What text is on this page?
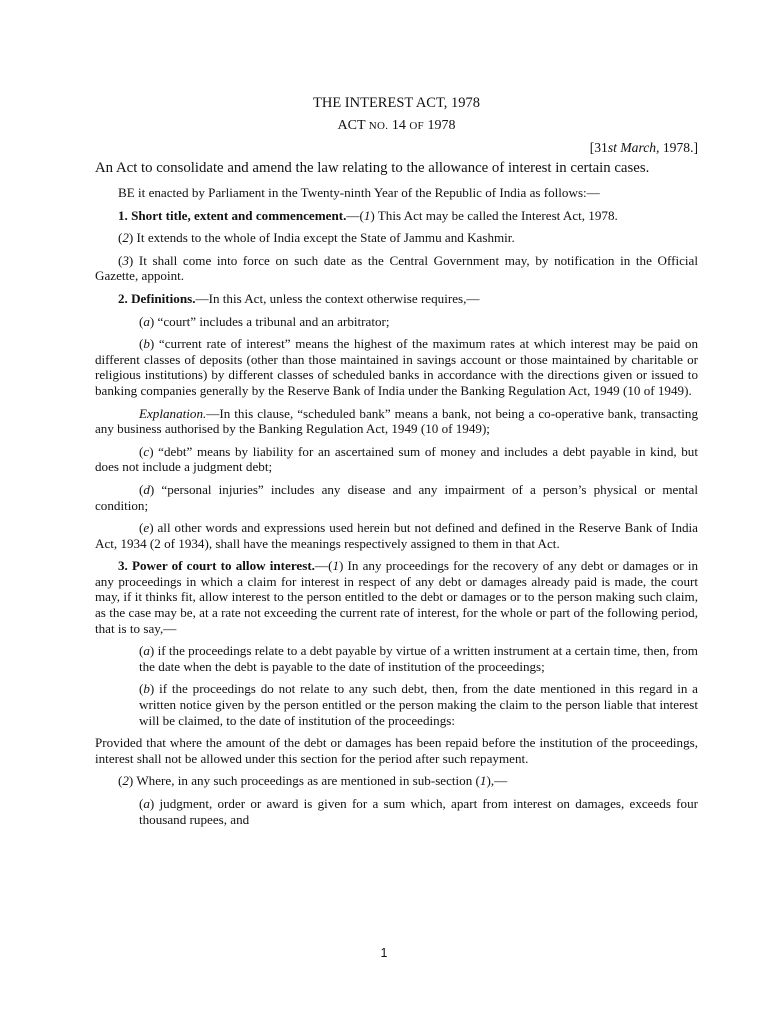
THE INTEREST ACT, 1978
ACT NO. 14 OF 1978
[31st March, 1978.]
An Act to consolidate and amend the law relating to the allowance of interest in certain cases.

BE it enacted by Parliament in the Twenty-ninth Year of the Republic of India as follows:—

1. Short title, extent and commencement.—(1) This Act may be called the Interest Act, 1978.

(2) It extends to the whole of India except the State of Jammu and Kashmir.

(3) It shall come into force on such date as the Central Government may, by notification in the Official Gazette, appoint.

2. Definitions.—In this Act, unless the context otherwise requires,—

(a) “court” includes a tribunal and an arbitrator;

(b) “current rate of interest” means the highest of the maximum rates at which interest may be paid on different classes of deposits (other than those maintained in savings account or those maintained by charitable or religious institutions) by different classes of scheduled banks in accordance with the directions given or issued to banking companies generally by the Reserve Bank of India under the Banking Regulation Act, 1949 (10 of 1949).

Explanation.—In this clause, “scheduled bank” means a bank, not being a co-operative bank, transacting any business authorised by the Banking Regulation Act, 1949 (10 of 1949);

(c) “debt” means by liability for an ascertained sum of money and includes a debt payable in kind, but does not include a judgment debt;

(d) “personal injuries” includes any disease and any impairment of a person’s physical or mental condition;

(e) all other words and expressions used herein but not defined and defined in the Reserve Bank of India Act, 1934 (2 of 1934), shall have the meanings respectively assigned to them in that Act.

3. Power of court to allow interest.—(1) In any proceedings for the recovery of any debt or damages or in any proceedings in which a claim for interest in respect of any debt or damages already paid is made, the court may, if it thinks fit, allow interest to the person entitled to the debt or damages or to the person making such claim, as the case may be, at a rate not exceeding the current rate of interest, for the whole or part of the following period, that is to say,—

(a) if the proceedings relate to a debt payable by virtue of a written instrument at a certain time, then, from the date when the debt is payable to the date of institution of the proceedings;

(b) if the proceedings do not relate to any such debt, then, from the date mentioned in this regard in a written notice given by the person entitled or the person making the claim to the person liable that interest will be claimed, to the date of institution of the proceedings:

Provided that where the amount of the debt or damages has been repaid before the institution of the proceedings, interest shall not be allowed under this section for the period after such repayment.

(2) Where, in any such proceedings as are mentioned in sub-section (1),—

(a) judgment, order or award is given for a sum which, apart from interest on damages, exceeds four thousand rupees, and

1
